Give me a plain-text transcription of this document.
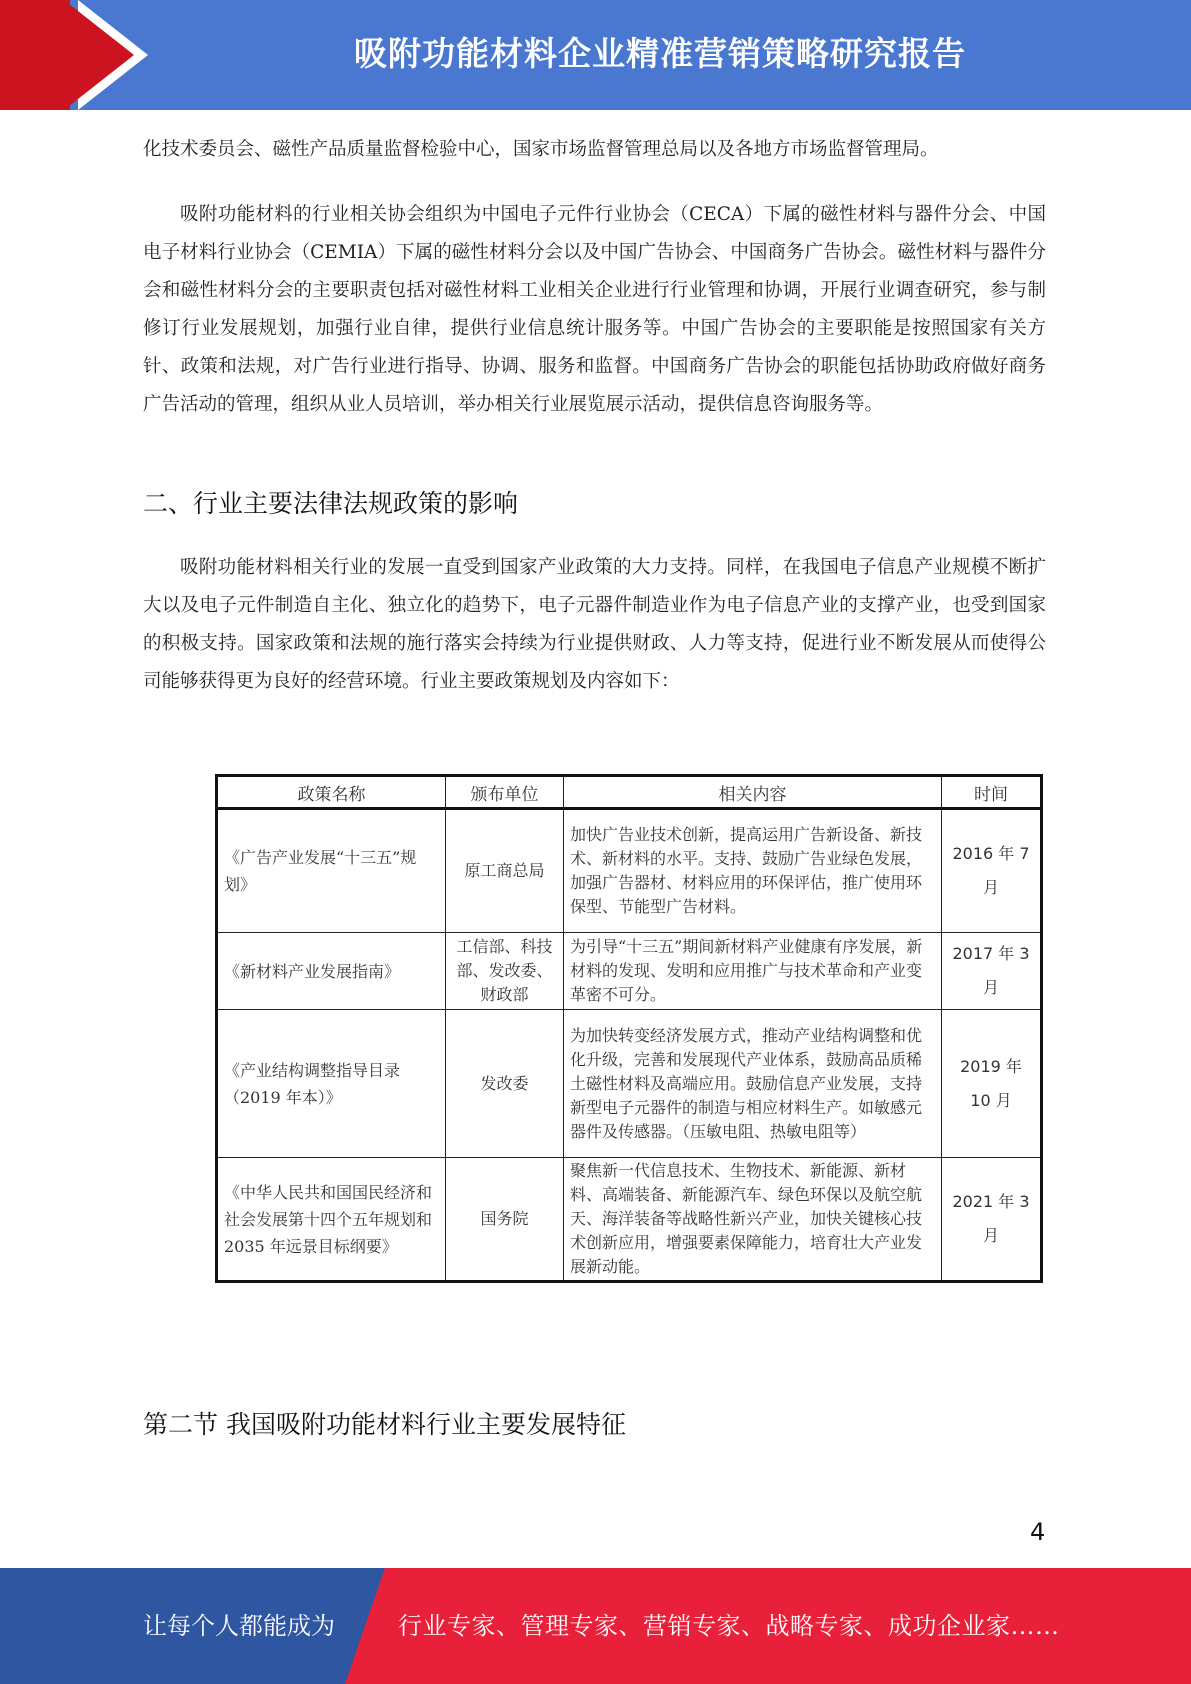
吸附功能材料企业精准营销策略研究报告
化技术委员会、磁性产品质量监督检验中心，国家市场监督管理总局以及各地方市场监督管理局。
吸附功能材料的行业相关协会组织为中国电子元件行业协会（CECA）下属的磁性材料与器件分会、中国电子材料行业协会（CEMIA）下属的磁性材料分会以及中国广告协会、中国商务广告协会。磁性材料与器件分会和磁性材料分会的主要职责包括对磁性材料工业相关企业进行行业管理和协调，开展行业调查研究，参与制修订行业发展规划，加强行业自律，提供行业信息统计服务等。中国广告协会的主要职能是按照国家有关方针、政策和法规，对广告行业进行指导、协调、服务和监督。中国商务广告协会的职能包括协助政府做好商务广告活动的管理，组织从业人员培训，举办相关行业展览展示活动，提供信息咨询服务等。
二、行业主要法律法规政策的影响
吸附功能材料相关行业的发展一直受到国家产业政策的大力支持。同样，在我国电子信息产业规模不断扩大以及电子元件制造自主化、独立化的趋势下，电子元器件制造业作为电子信息产业的支撑产业，也受到国家的积极支持。国家政策和法规的施行落实会持续为行业提供财政、人力等支持，促进行业不断发展从而使得公司能够获得更为良好的经营环境。行业主要政策规划及内容如下：
政策名称	颁布单位	相关内容	时间
《广告产业发展“十三五”规划》	原工商总局	加快广告业技术创新，提高运用广告新设备、新技术、新材料的水平。支持、鼓励广告业绿色发展，加强广告器材、材料应用的环保评估，推广使用环保型、节能型广告材料。	2016 年 7 月
《新材料产业发展指南》	工信部、科技部、发改委、财政部	为引导“十三五”期间新材料产业健康有序发展，新材料的发现、发明和应用推广与技术革命和产业变革密不可分。	2017 年 3 月
《产业结构调整指导目录（2019 年本）》	发改委	为加快转变经济发展方式，推动产业结构调整和优化升级，完善和发展现代产业体系，鼓励高品质稀土磁性材料及高端应用。鼓励信息产业发展，支持新型电子元器件的制造与相应材料生产。如敏感元器件及传感器。（压敏电阻、热敏电阻等）	2019 年 10 月
《中华人民共和国国民经济和社会发展第十四个五年规划和 2035 年远景目标纲要》	国务院	聚焦新一代信息技术、生物技术、新能源、新材料、高端装备、新能源汽车、绿色环保以及航空航天、海洋装备等战略性新兴产业，加快关键核心技术创新应用，增强要素保障能力，培育壮大产业发展新动能。	2021 年 3 月
第二节 我国吸附功能材料行业主要发展特征
4
让每个人都能成为	行业专家、管理专家、营销专家、战略专家、成功企业家……
